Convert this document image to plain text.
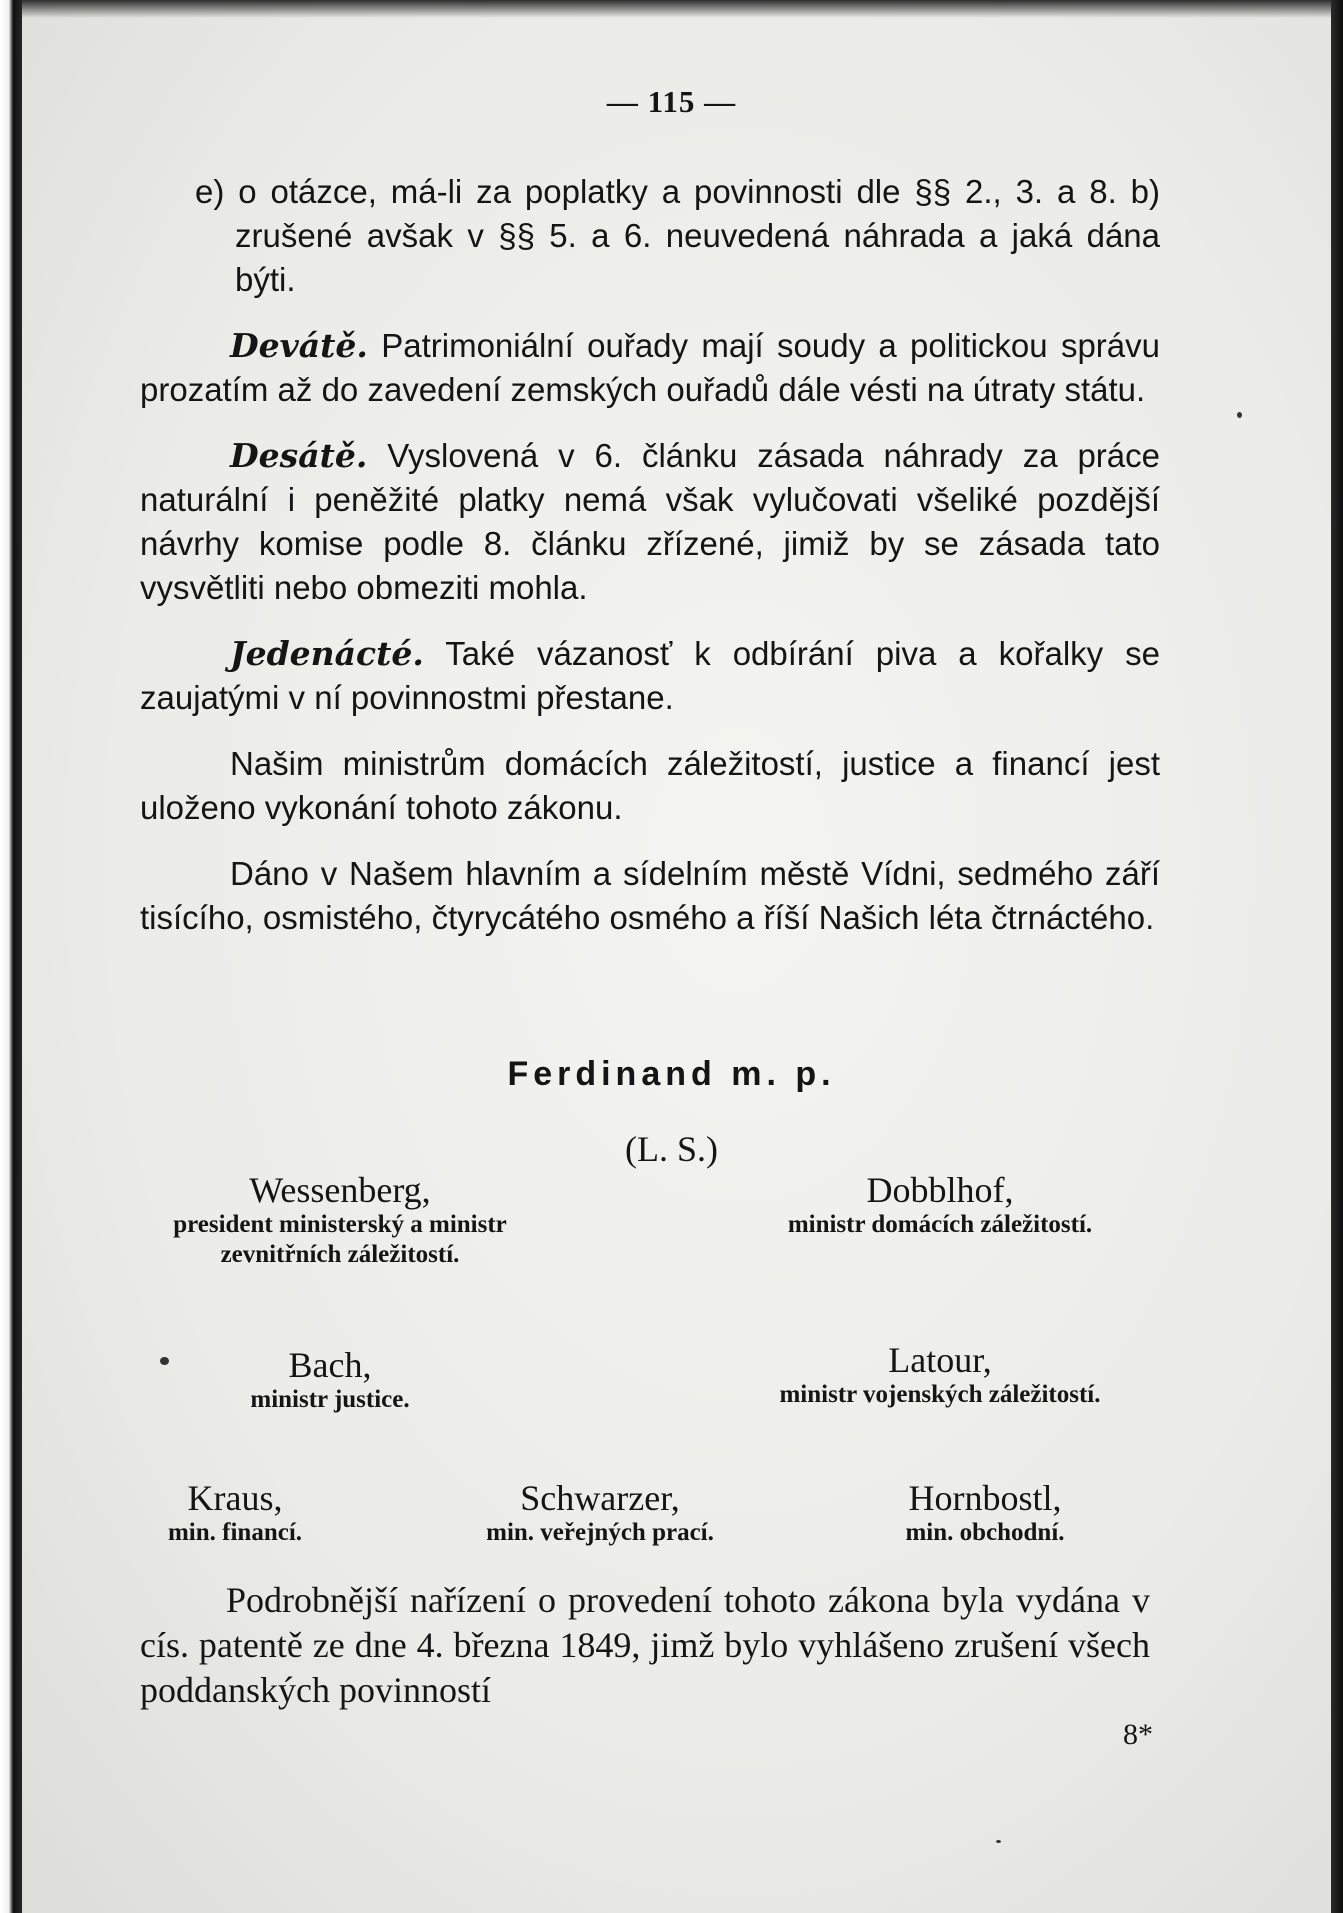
— 115 —

e) o otázce, má-li za poplatky a povinnosti dle §§ 2., 3. a 8. b) zrušené avšak v §§ 5. a 6. neuvedená náhrada a jaká dána býti.

Devátě. Patrimoniální ouřady mají soudy a politickou správu prozatím až do zavedení zemských ouřadů dále vésti na útraty státu.

Desátě. Vyslovená v 6. článku zásada náhrady za práce naturální i peněžité platky nemá však vylučovati všeliké pozdější návrhy komise podle 8. článku zřízené, jimiž by se zásada tato vysvětliti nebo obmeziti mohla.

Jedenácté. Také vázanosť k odbírání piva a kořalky se zaujatými v ní povinnostmi přestane.

Našim ministrům domácích záležitostí, justice a financí jest uloženo vykonání tohoto zákonu.

Dáno v Našem hlavním a sídelním městě Vídni, sedmého září tisícího, osmistého, čtyrycátého osmého a říší Našich léta čtrnáctého.

Ferdinand m. p.
(L. S.)
Wessenberg,
president ministerský a ministr zevnitřních záležitostí.
Dobblhof,
ministr domácích záležitostí.
Bach,
ministr justice.
Latour,
ministr vojenských záležitostí.
Kraus,
min. financí.
Schwarzer,
min. veřejných prací.
Hornbostl,
min. obchodní.
Podrobnější nařízení o provedení tohoto zákona byla vydána v cís. patentě ze dne 4. března 1849, jimž bylo vyhlášeno zrušení všech poddanských povinností
8*
